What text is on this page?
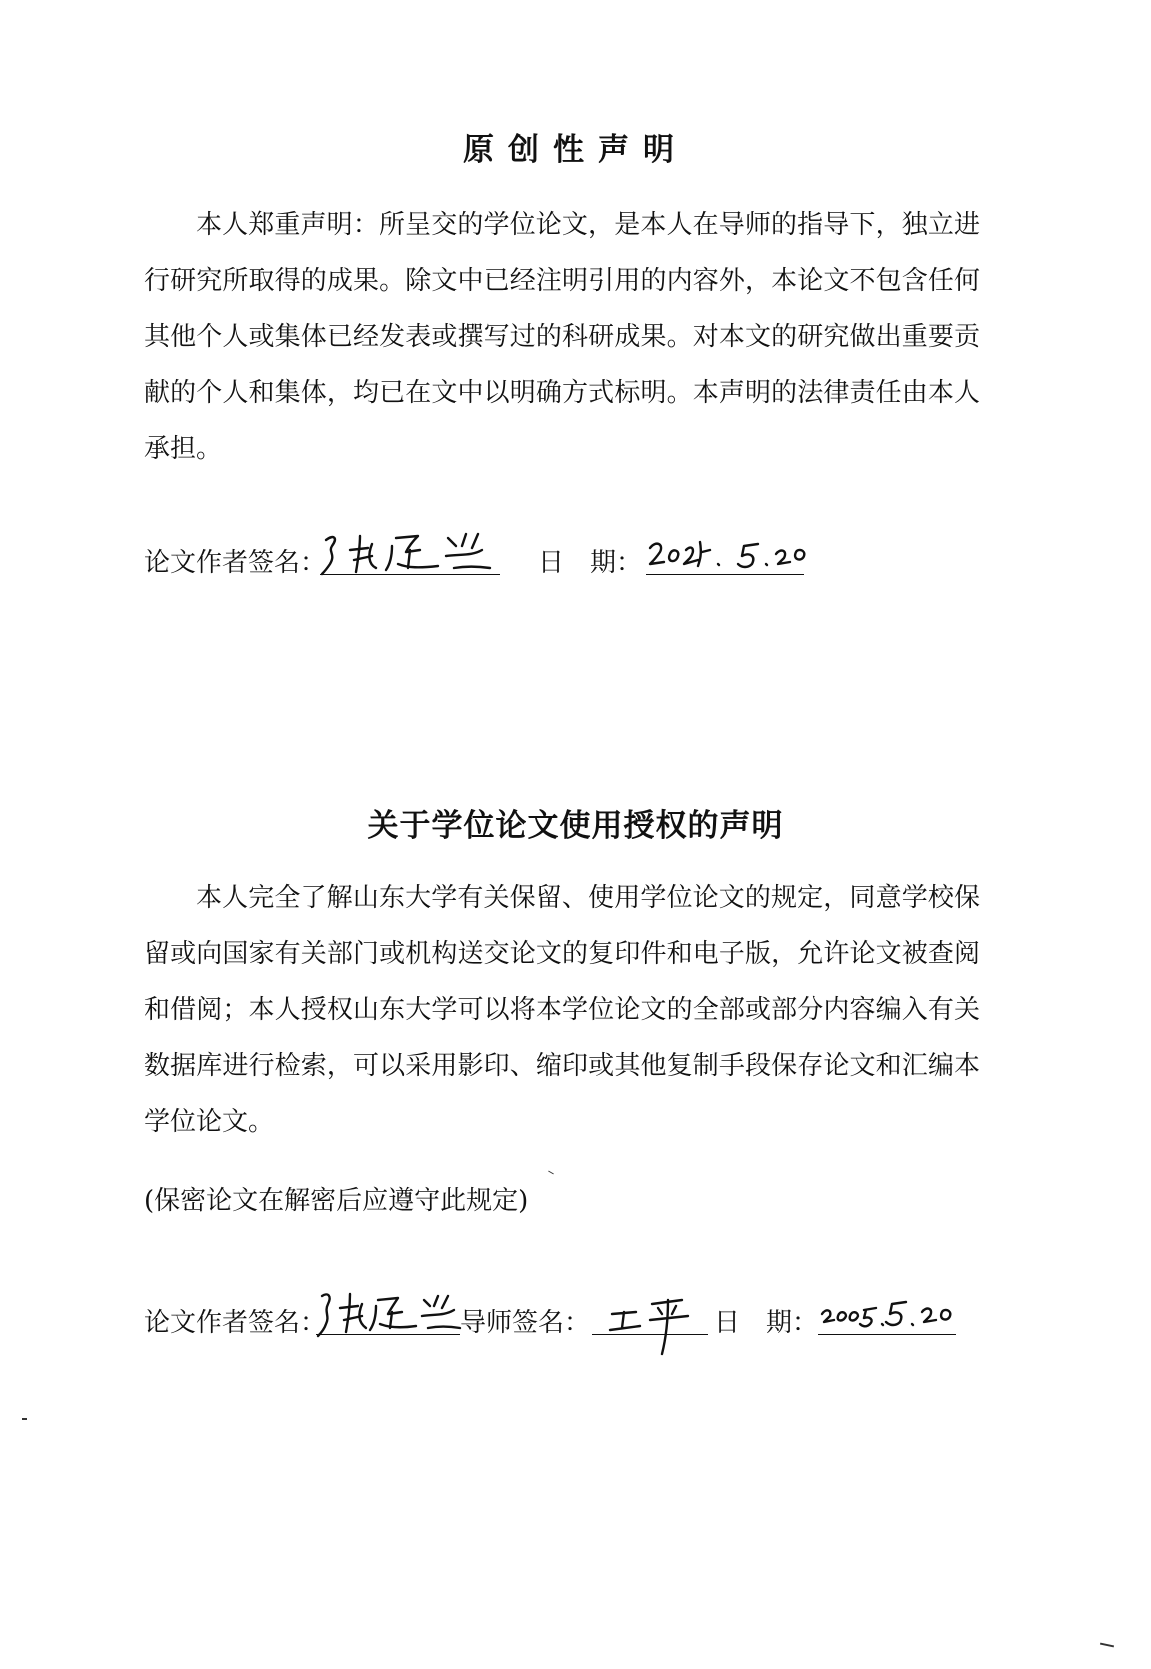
原创性声明

本人郑重声明：所呈交的学位论文，是本人在导师的指导下，独立进行研究所取得的成果。除文中已经注明引用的内容外，本论文不包含任何其他个人或集体已经发表或撰写过的科研成果。对本文的研究做出重要贡献的个人和集体，均已在文中以明确方式标明。本声明的法律责任由本人承担。

论文作者签名：	日　期：
关于学位论文使用授权的声明

本人完全了解山东大学有关保留、使用学位论文的规定，同意学校保留或向国家有关部门或机构送交论文的复印件和电子版，允许论文被查阅和借阅；本人授权山东大学可以将本学位论文的全部或部分内容编入有关数据库进行检索，可以采用影印、缩印或其他复制手段保存论文和汇编本学位论文。

(保密论文在解密后应遵守此规定)

论文作者签名：	导师签名：	日　期：
